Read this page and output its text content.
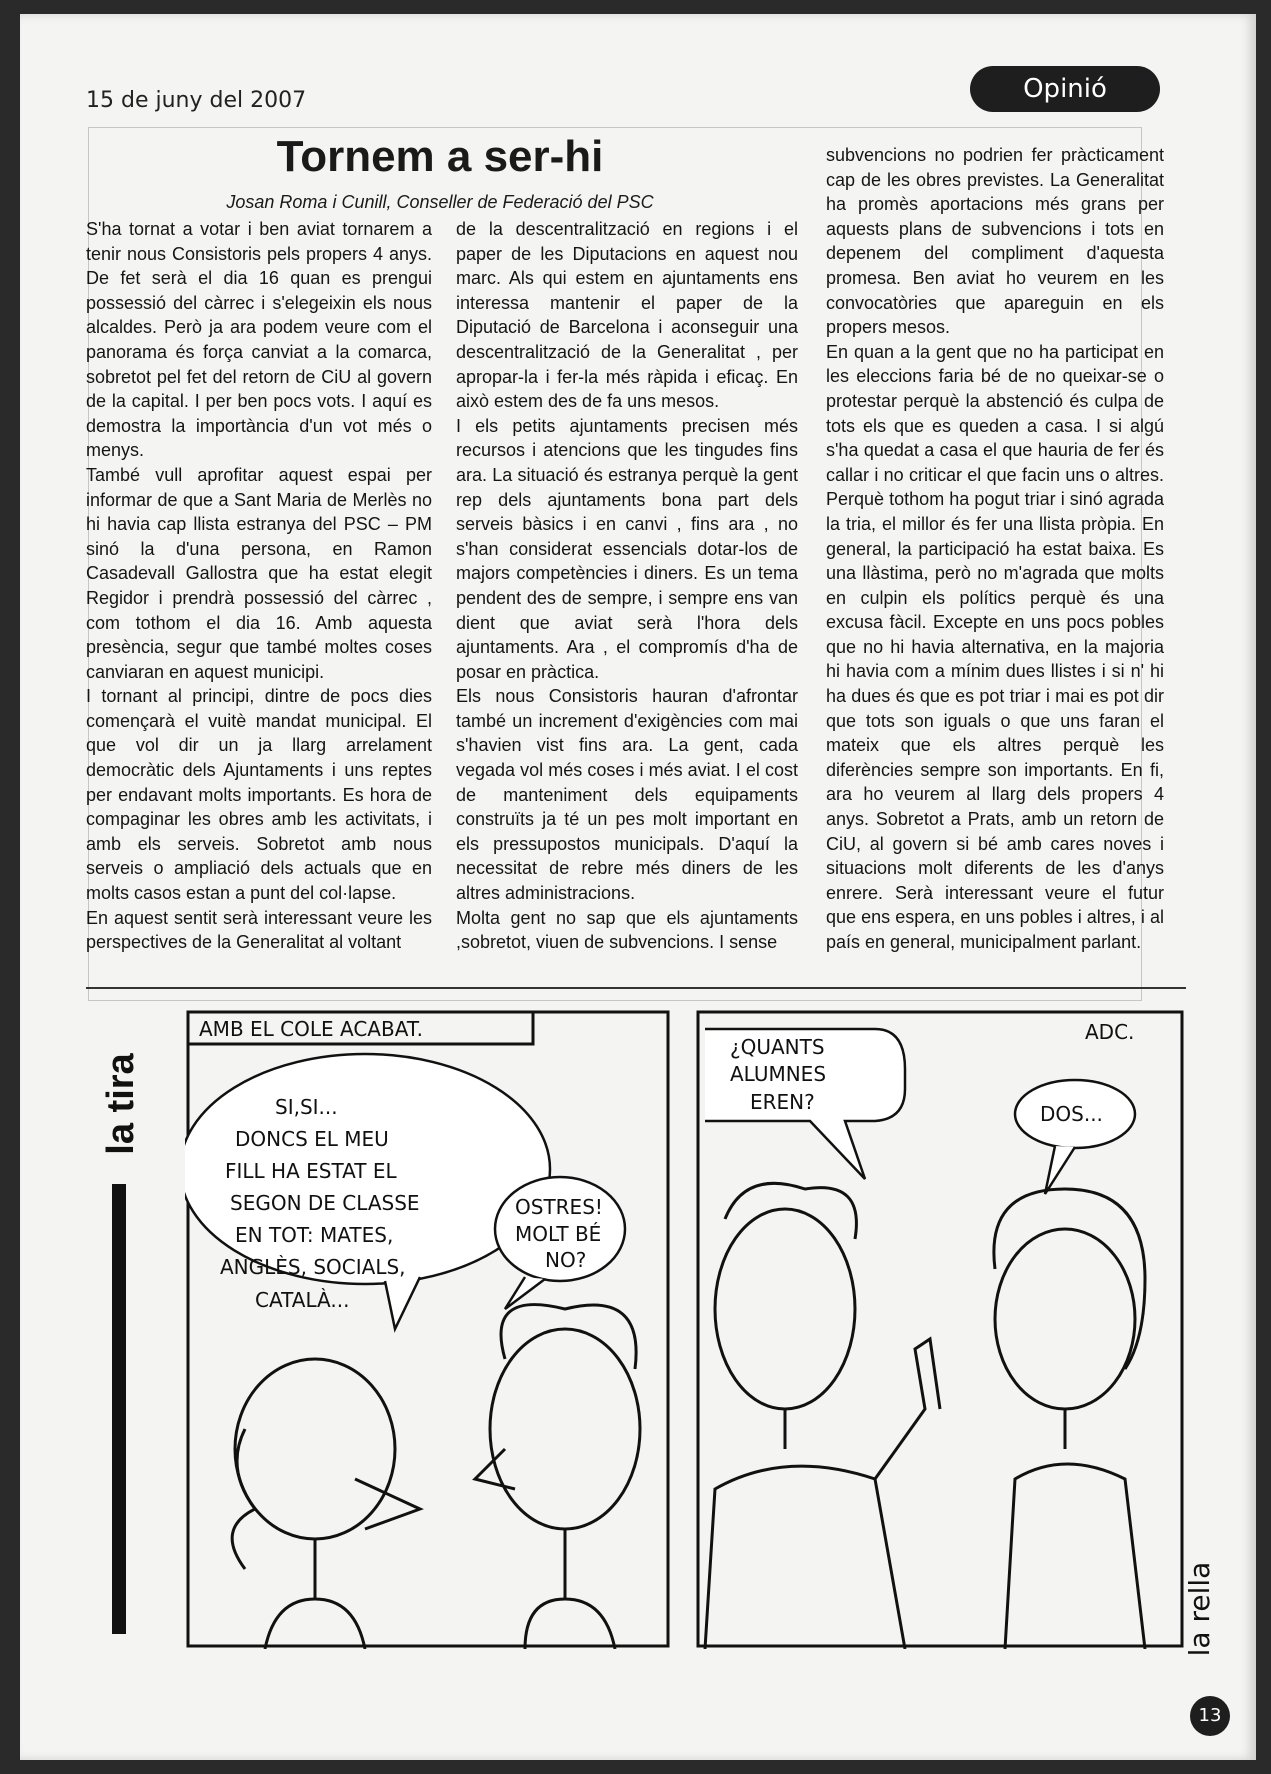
15 de juny del 2007	Opinió
Tornem a ser-hi
Josan Roma i Cunill, Conseller de Federació del PSC

S'ha tornat a votar i ben aviat tornarem a tenir nous Consistoris pels propers 4 anys. De fet serà el dia 16 quan es prengui possessió del càrrec i s'elegeixin els nous alcaldes. Però ja ara podem veure com el panorama és força canviat a la comarca, sobretot pel fet del retorn de CiU al govern de la capital. I per ben pocs vots. I aquí es demostra la importància d'un vot més o menys.

També vull aprofitar aquest espai per informar de que a Sant Maria de Merlès no hi havia cap llista estranya del PSC – PM sinó la d'una persona, en Ramon Casadevall Gallostra que ha estat elegit Regidor i prendrà possessió del càrrec , com tothom el dia 16. Amb aquesta presència, segur que també moltes coses canviaran en aquest municipi.

I tornant al principi, dintre de pocs dies començarà el vuitè mandat municipal. El que vol dir un ja llarg arrelament democràtic dels Ajuntaments i uns reptes per endavant molts importants. Es hora de compaginar les obres amb les activitats, i amb els serveis. Sobretot amb nous serveis o ampliació dels actuals que en molts casos estan a punt del col·lapse.

En aquest sentit serà interessant veure les perspectives de la Generalitat al voltant

de la descentralització en regions i el paper de les Diputacions en aquest nou marc. Als qui estem en ajuntaments ens interessa mantenir el paper de la Diputació de Barcelona i aconseguir una descentralització de la Generalitat , per apropar-la i fer-la més ràpida i eficaç. En això estem des de fa uns mesos.

I els petits ajuntaments precisen més recursos i atencions que les tingudes fins ara. La situació és estranya perquè la gent rep dels ajuntaments bona part dels serveis bàsics i en canvi , fins ara , no s'han considerat essencials dotar-los de majors competències i diners. Es un tema pendent des de sempre, i sempre ens van dient que aviat serà l'hora dels ajuntaments. Ara , el compromís d'ha de posar en pràctica.

Els nous Consistoris hauran d'afrontar també un increment d'exigències com mai s'havien vist fins ara. La gent, cada vegada vol més coses i més aviat. I el cost de manteniment dels equipaments construïts ja té un pes molt important en els pressupostos municipals. D'aquí la necessitat de rebre més diners de les altres administracions.

Molta gent no sap que els ajuntaments ,sobretot, viuen de subvencions. I sense

subvencions no podrien fer pràcticament cap de les obres previstes. La Generalitat ha promès aportacions més grans per aquests plans de subvencions i tots en depenem del compliment d'aquesta promesa. Ben aviat ho veurem en les convocatòries que apareguin en els propers mesos.

En quan a la gent que no ha participat en les eleccions faria bé de no queixar-se o protestar perquè la abstenció és culpa de tots els que es queden a casa. I si algú s'ha quedat a casa el que hauria de fer és callar i no criticar el que facin uns o altres. Perquè tothom ha pogut triar i sinó agrada la tria, el millor és fer una llista pròpia. En general, la participació ha estat baixa. Es una llàstima, però no m'agrada que molts en culpin els polítics perquè és una excusa fàcil. Excepte en uns pocs pobles que no hi havia alternativa, en la majoria hi havia com a mínim dues llistes i si n' hi ha dues és que es pot triar i mai es pot dir que tots son iguals o que uns faran el mateix que els altres perquè les diferències sempre son importants. En fi, ara ho veurem al llarg dels propers 4 anys. Sobretot a Prats, amb un retorn de CiU, al govern si bé amb cares noves i situacions molt diferents de les d'anys enrere. Serà interessant veure el futur que ens espera, en uns pobles i altres, i al país en general, municipalment parlant.

la tira
AMB EL COLE ACABAT.
SI,SI... DONCS EL MEU FILL HA ESTAT EL SEGON DE CLASSE EN TOT: MATES, ANGLÈS, SOCIALS, CATALÀ...
OSTRES! MOLT BÉ NO?
ADC.
¿QUANTS ALUMNES EREN?	DOS...
la rella
13
